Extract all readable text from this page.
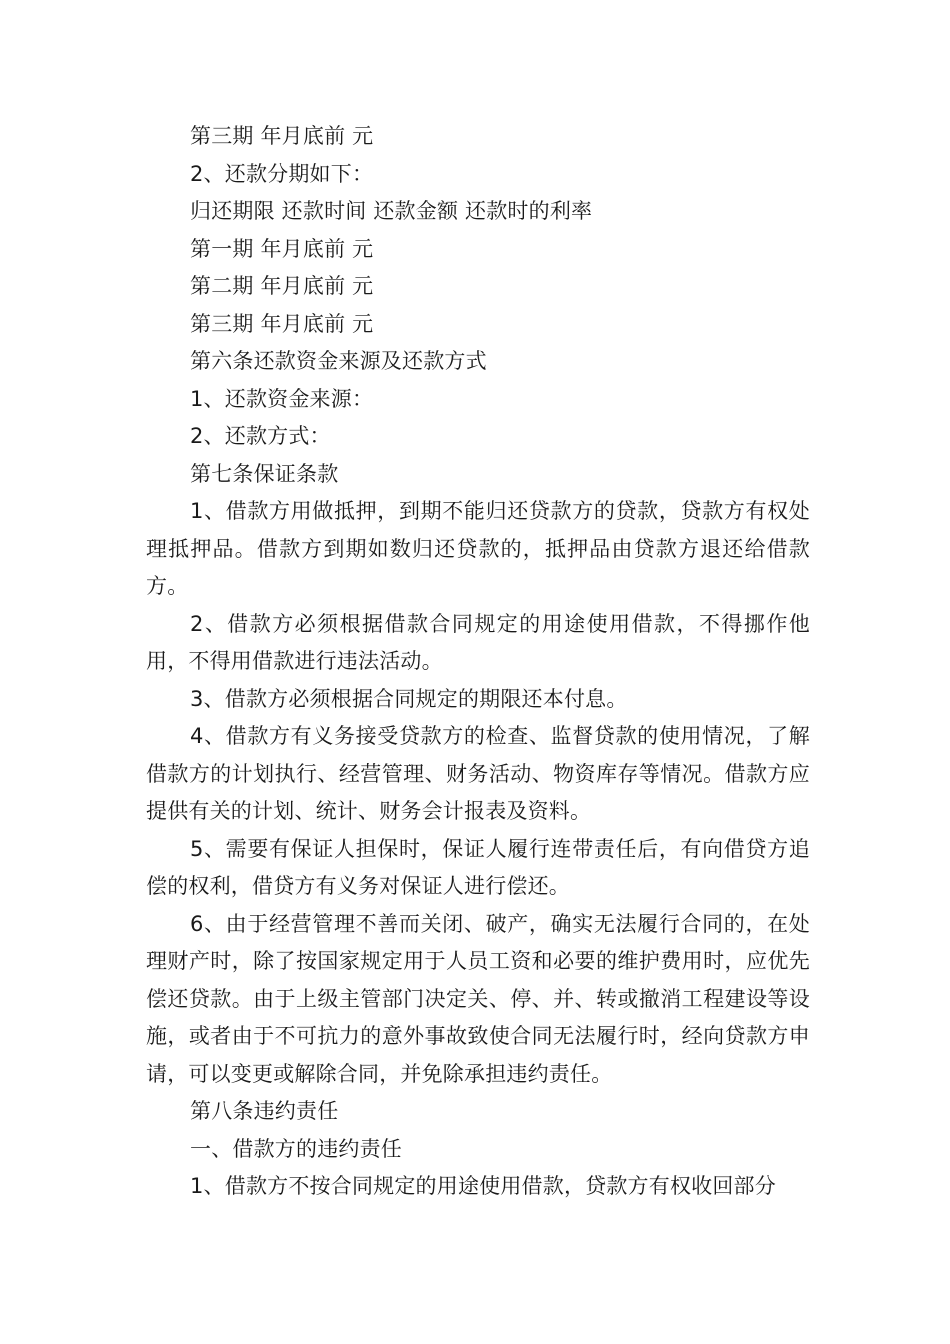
第三期 年月底前 元

2、还款分期如下：

归还期限 还款时间 还款金额 还款时的利率

第一期 年月底前 元

第二期 年月底前 元

第三期 年月底前 元

第六条还款资金来源及还款方式

1、还款资金来源：

2、还款方式：

第七条保证条款

1、借款方用做抵押，到期不能归还贷款方的贷款，贷款方有权处理抵押品。借款方到期如数归还贷款的，抵押品由贷款方退还给借款方。

2、借款方必须根据借款合同规定的用途使用借款，不得挪作他用，不得用借款进行违法活动。

3、借款方必须根据合同规定的期限还本付息。

4、借款方有义务接受贷款方的检查、监督贷款的使用情况，了解借款方的计划执行、经营管理、财务活动、物资库存等情况。借款方应提供有关的计划、统计、财务会计报表及资料。

5、需要有保证人担保时，保证人履行连带责任后，有向借贷方追偿的权利，借贷方有义务对保证人进行偿还。

6、由于经营管理不善而关闭、破产，确实无法履行合同的，在处理财产时，除了按国家规定用于人员工资和必要的维护费用时，应优先偿还贷款。由于上级主管部门决定关、停、并、转或撤消工程建设等设施，或者由于不可抗力的意外事故致使合同无法履行时，经向贷款方申请，可以变更或解除合同，并免除承担违约责任。

第八条违约责任

一、借款方的违约责任

1、借款方不按合同规定的用途使用借款，贷款方有权收回部分
